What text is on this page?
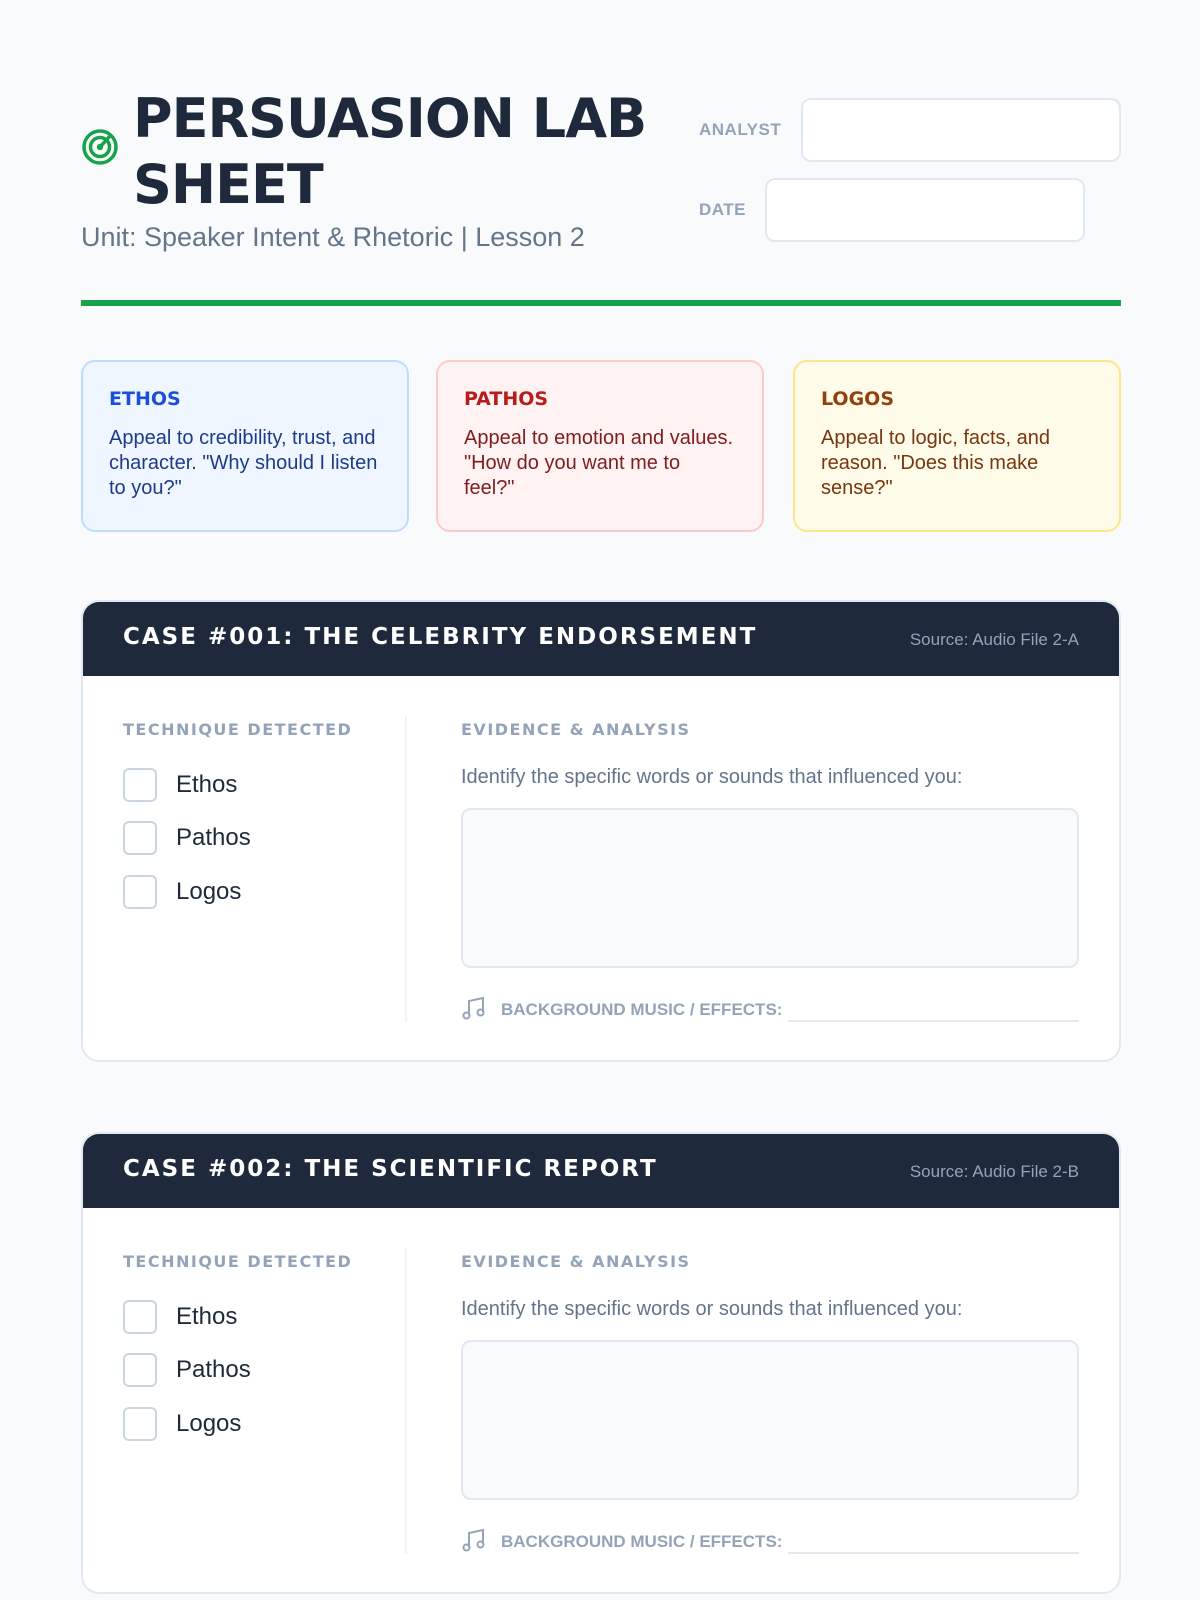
PERSUASION LAB SHEET
Unit: Speaker Intent & Rhetoric | Lesson 2
ANALYST
DATE
ETHOS
Appeal to credibility, trust, and character. "Why should I listen to you?"
PATHOS
Appeal to emotion and values. "How do you want me to feel?"
LOGOS
Appeal to logic, facts, and reason. "Does this make sense?"
CASE #001: THE CELEBRITY ENDORSEMENT	Source: Audio File 2-A
TECHNIQUE DETECTED
Ethos
Pathos
Logos
EVIDENCE & ANALYSIS
Identify the specific words or sounds that influenced you:
BACKGROUND MUSIC / EFFECTS:
CASE #002: THE SCIENTIFIC REPORT	Source: Audio File 2-B
TECHNIQUE DETECTED
Ethos
Pathos
Logos
EVIDENCE & ANALYSIS
Identify the specific words or sounds that influenced you:
BACKGROUND MUSIC / EFFECTS:
